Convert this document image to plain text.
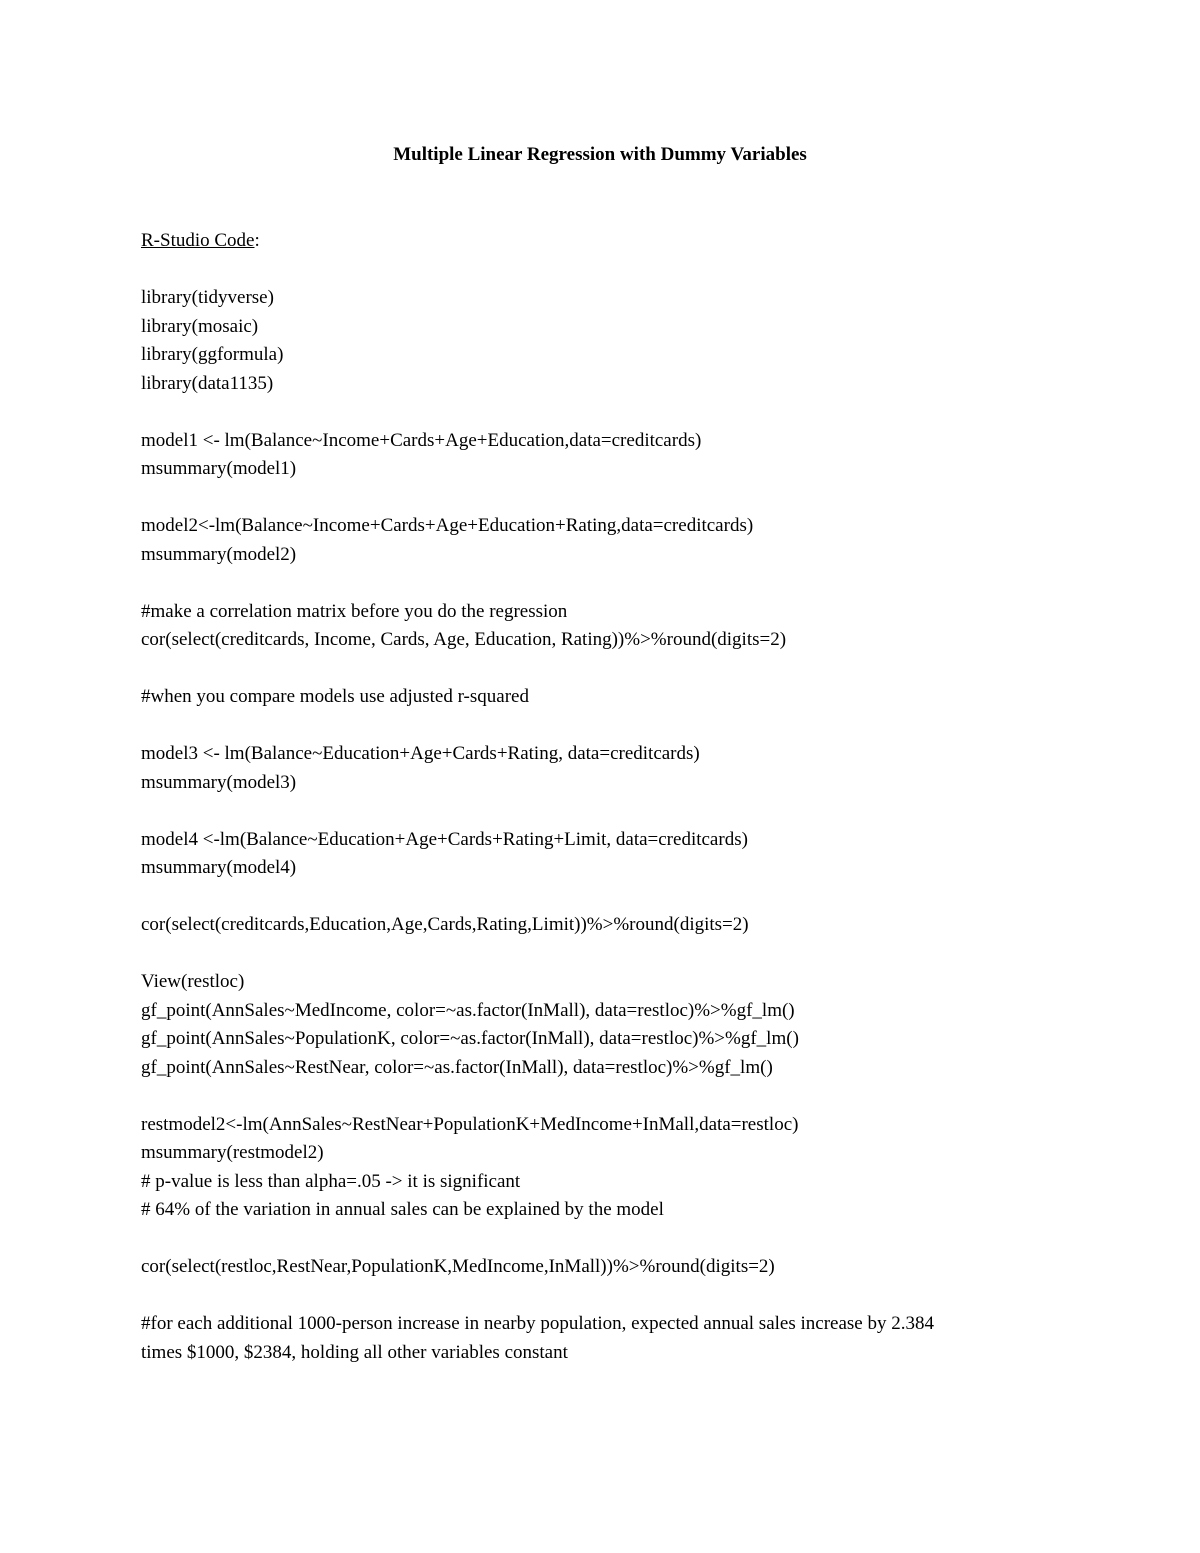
Multiple Linear Regression with Dummy Variables
R-Studio Code:
library(tidyverse)
library(mosaic)
library(ggformula)
library(data1135)
model1 <- lm(Balance~Income+Cards+Age+Education,data=creditcards)
msummary(model1)
model2<-lm(Balance~Income+Cards+Age+Education+Rating,data=creditcards)
msummary(model2)
#make a correlation matrix before you do the regression
cor(select(creditcards, Income, Cards, Age, Education, Rating))%>%round(digits=2)
#when you compare models use adjusted r-squared
model3 <- lm(Balance~Education+Age+Cards+Rating, data=creditcards)
msummary(model3)
model4 <-lm(Balance~Education+Age+Cards+Rating+Limit, data=creditcards)
msummary(model4)
cor(select(creditcards,Education,Age,Cards,Rating,Limit))%>%round(digits=2)
View(restloc)
gf_point(AnnSales~MedIncome, color=~as.factor(InMall), data=restloc)%>%gf_lm()
gf_point(AnnSales~PopulationK, color=~as.factor(InMall), data=restloc)%>%gf_lm()
gf_point(AnnSales~RestNear, color=~as.factor(InMall), data=restloc)%>%gf_lm()
restmodel2<-lm(AnnSales~RestNear+PopulationK+MedIncome+InMall,data=restloc)
msummary(restmodel2)
# p-value is less than alpha=.05 -> it is significant
# 64% of the variation in annual sales can be explained by the model
cor(select(restloc,RestNear,PopulationK,MedIncome,InMall))%>%round(digits=2)
#for each additional 1000-person increase in nearby population, expected annual sales increase by 2.384
times $1000, $2384, holding all other variables constant
